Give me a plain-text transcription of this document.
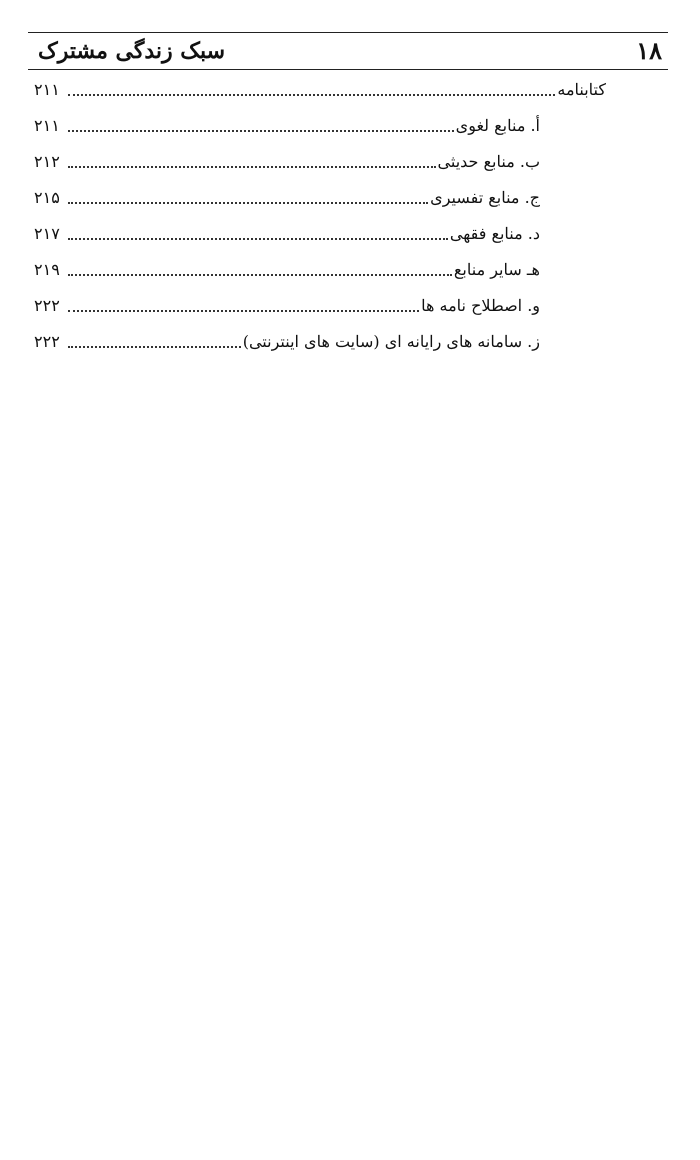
۱۸
سبک زندگی مشترک
کتابنامه
۲۱۱
أ. منابع لغوی
۲۱۱
ب. منابع حدیثی
۲۱۲
ج. منابع تفسیری
۲۱۵
د. منابع فقهی
۲۱۷
هـ سایر منابع
۲۱۹
و. اصطلاح نامه ها
۲۲۲
ز. سامانه های رایانه ای (سایت های اینترنتی)
۲۲۲
